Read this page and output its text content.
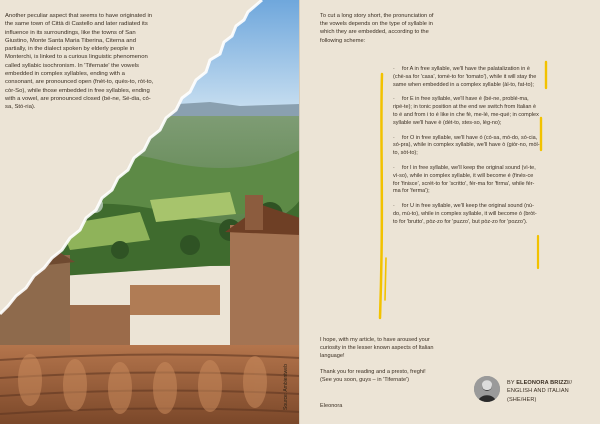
Another peculiar aspect that seems to have originated in the same town of Città di Castello and later radiated its influence in its surroundings, like the towns of San Giustino, Monte Santa Maria Tiberina, Citerna and partially, in the dialect spoken by elderly people in Monterchi, is linked to a curious linguistic phenomenon called syllabic isochronism. In 'Tifernate' the vowels embedded in complex syllables, ending with a consonant, are pronounced open (fnèt-to, quès-to, ròt-to, còr-So), while those embedded in free syllables, ending with a vowel, are pronounced closed (bé-ne, Sé-dia, có-sa, Stó-ria).

Source: Ambientweb
To cut a long story short, the pronunciation of the vowels depends on the type of syllable in which they are embedded, according to the following scheme:

· for A in free syllable, we'll have the palatalization in è (chè-sa for 'casa', tomè-to for 'tomato'), while it will stay the same when embedded in a complex syllable (àl-to, fat-to);

· for E in free syllable, we'll have é (bé-ne, problé-ma, ripé-te); in tonic position at the end we switch from Italian è to é and from i to é like in che fè, me-lé, me-qué; in complex syllable we'll have è (dèt-to, stes-so, lèg-no);

· for O in free syllable, we'll have ó (có-sa, mó-do, só-cia, só-pra), while in complex syllable, we'll have ò (giòr-no, mòl-to, sòt-to);

· for I in free syllable, we'll keep the original sound (vì-te, vì-so), while in complex syllable, it will become é (finés-ce for 'finisce', scrét-to for 'scritto', fér-ma for 'firma', while fér-ma for 'ferma');

· for U in free syllable, we'll keep the original sound (nù-do, mù-to), while in complex syllable, it will become ó (bròt-to for 'brutto', pòz-zo for 'puzzo', but pòz-zo for 'pozzo').

I hope, with my article, to have aroused your curiosity in the lesser known aspects of Italian language!

Thank you for reading and a presto, freghi!
(See you soon, guys – in 'Tifernate')

Eleonora
BY ELEONORA BRIZZI//
ENGLISH AND ITALIAN
(SHE/HER)
